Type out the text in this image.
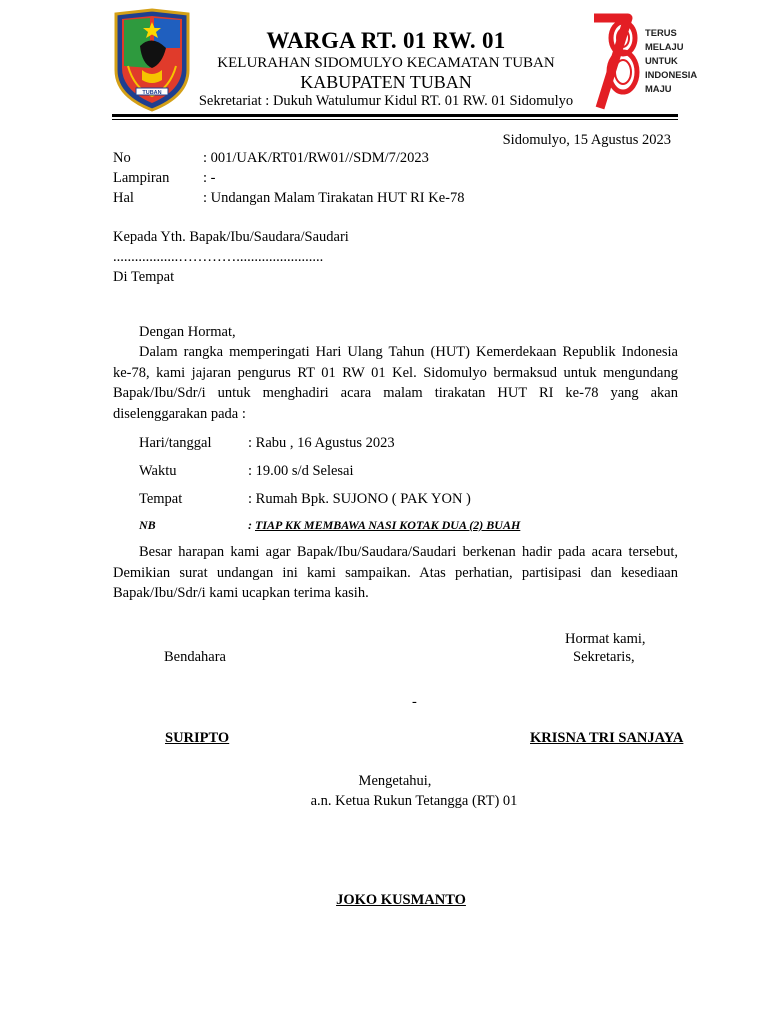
TUBAN
WARGA RT. 01 RW. 01
KELURAHAN SIDOMULYO KECAMATAN TUBAN
KABUPATEN TUBAN
Sekretariat : Dukuh Watulumur Kidul RT. 01 RW. 01 Sidomulyo
TERUS
MELAJU
UNTUK
INDONESIA
MAJU
Sidomulyo, 15 Agustus 2023
No	: 001/UAK/RT01/RW01//SDM/7/2023
Lampiran : -
Hal	: Undangan Malam Tirakatan HUT RI Ke-78
Kepada Yth. Bapak/Ibu/Saudara/Saudari
..................…………........................
Di Tempat
Dengan Hormat,
Dalam rangka memperingati Hari Ulang Tahun (HUT) Kemerdekaan Republik Indonesia ke-78, kami jajaran pengurus RT 01 RW 01 Kel. Sidomulyo bermaksud untuk mengundang Bapak/Ibu/Sdr/i untuk menghadiri acara malam tirakatan HUT RI ke-78 yang akan diselenggarakan pada :
Hari/tanggal	: Rabu , 16 Agustus 2023
Waktu	: 19.00 s/d Selesai
Tempat	: Rumah Bpk. SUJONO ( PAK YON )
NB	: TIAP KK MEMBAWA NASI KOTAK DUA (2) BUAH
Besar harapan kami agar Bapak/Ibu/Saudara/Saudari berkenan hadir pada acara tersebut, Demikian surat undangan ini kami sampaikan. Atas perhatian, partisipasi dan kesediaan Bapak/Ibu/Sdr/i kami ucapkan terima kasih.
Hormat kami,
Bendahara	Sekretaris,
-
SURIPTO	KRISNA TRI SANJAYA
Mengetahui,
a.n. Ketua Rukun Tetangga (RT) 01
JOKO KUSMANTO
